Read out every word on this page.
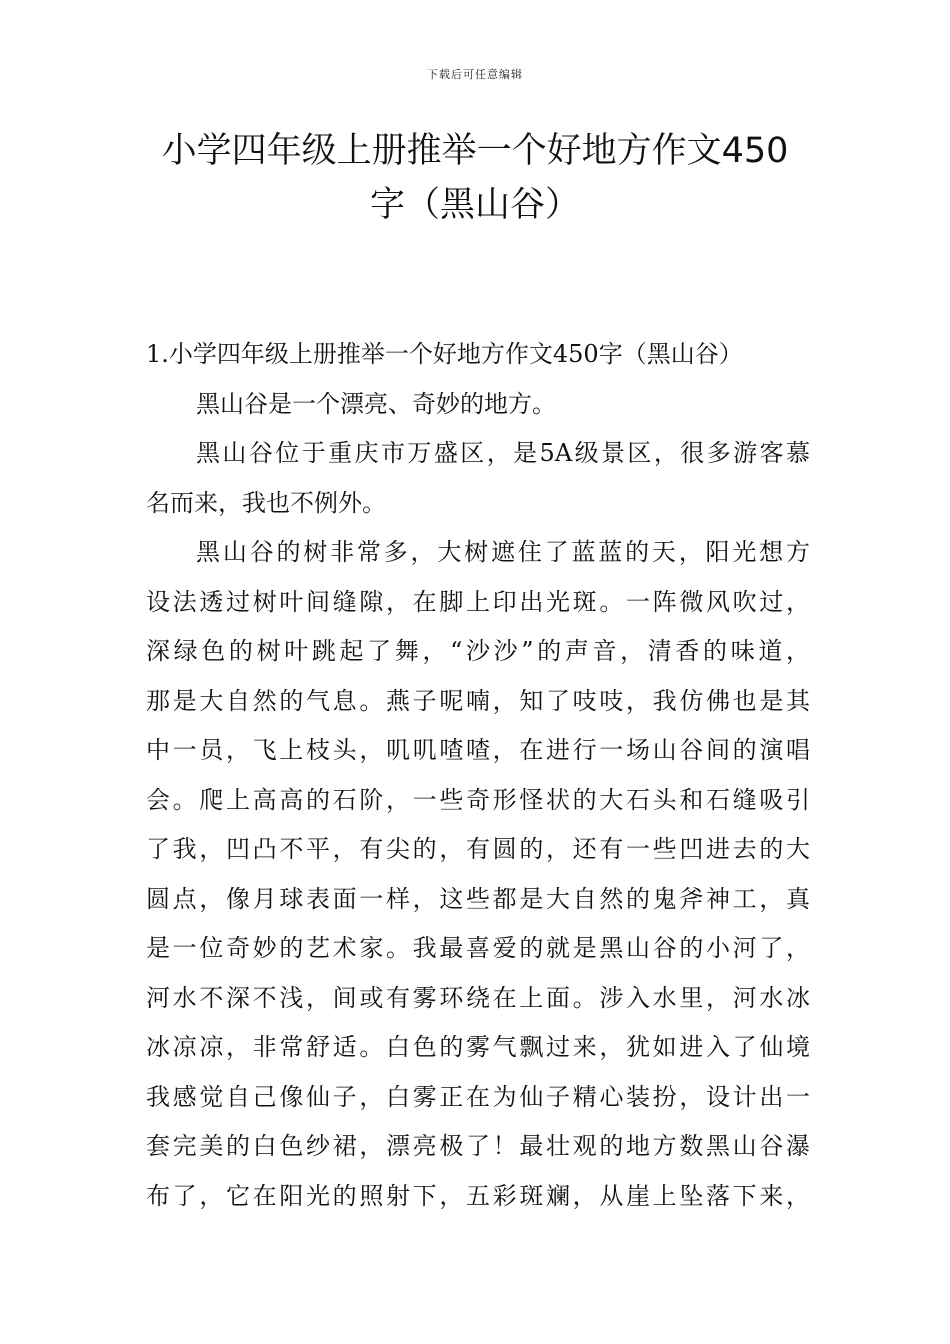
下载后可任意编辑
小学四年级上册推举一个好地方作文450
字（黑山谷）
1.小学四年级上册推举一个好地方作文450字（黑山谷）
黑山谷是一个漂亮、奇妙的地方。
黑山谷位于重庆市万盛区，是5A级景区，很多游客慕
名而来，我也不例外。
黑山谷的树非常多，大树遮住了蓝蓝的天，阳光想方
设法透过树叶间缝隙，在脚上印出光斑。一阵微风吹过，
深绿色的树叶跳起了舞，“沙沙”的声音，清香的味道，
那是大自然的气息。燕子呢喃，知了吱吱，我仿佛也是其
中一员，飞上枝头，叽叽喳喳，在进行一场山谷间的演唱
会。爬上高高的石阶，一些奇形怪状的大石头和石缝吸引
了我，凹凸不平，有尖的，有圆的，还有一些凹进去的大
圆点，像月球表面一样，这些都是大自然的鬼斧神工，真
是一位奇妙的艺术家。我最喜爱的就是黑山谷的小河了，
河水不深不浅，间或有雾环绕在上面。涉入水里，河水冰
冰凉凉，非常舒适。白色的雾气飘过来，犹如进入了仙境
我感觉自己像仙子，白雾正在为仙子精心装扮，设计出一
套完美的白色纱裙，漂亮极了！最壮观的地方数黑山谷瀑
布了，它在阳光的照射下，五彩斑斓，从崖上坠落下来，
